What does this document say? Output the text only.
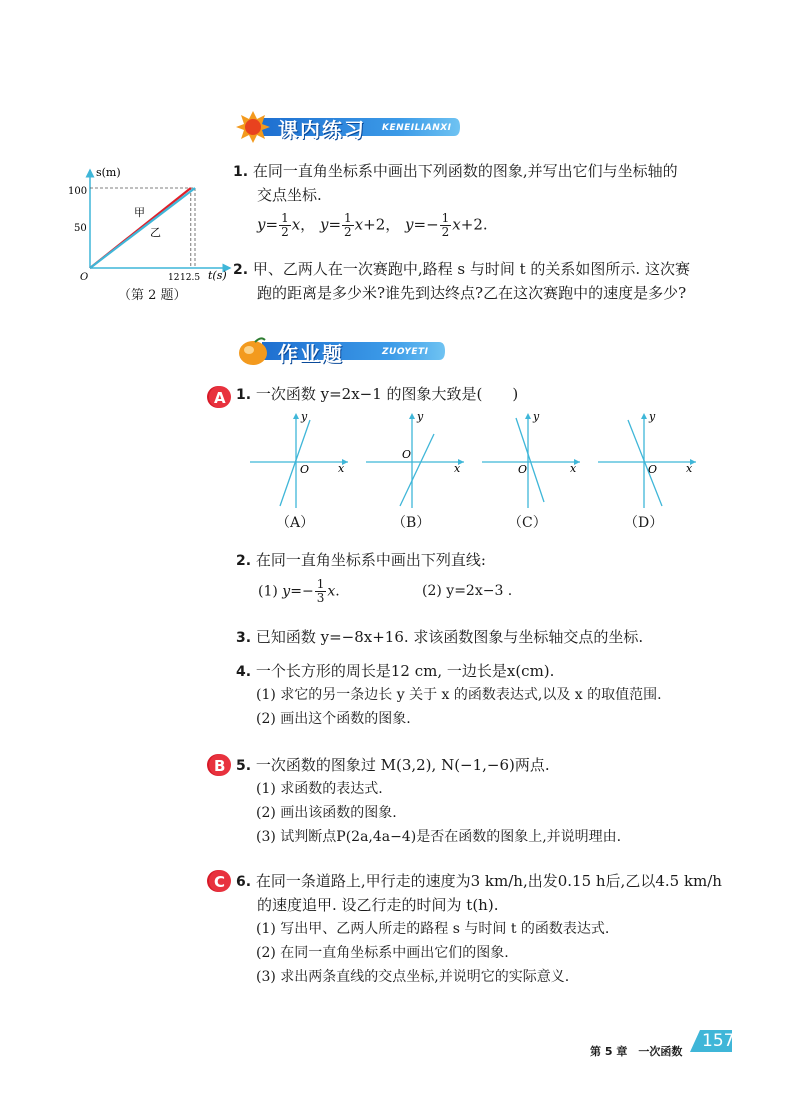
课内练习 KENEILIANXI
s(m)
t(s)
100
50
O	12 12.5
甲
乙
（第 2 题）
1. 在同一直角坐标系中画出下列函数的图象,并写出它们与坐标轴的
交点坐标.
$y= \frac{1}{2}$ x， $y= \frac{1}{2} x+2$， $y=- \frac{1}{2} x+2$.
2. 甲、乙两人在一次赛跑中,路程 s 与时间 t 的关系如图所示. 这次赛
跑的距离是多少米?谁先到达终点?乙在这次赛跑中的速度是多少?
作业题	ZUOYETI
A
B
C
1. 一次函数 y=2x−1 的图象大致是(　　)
y
x
O
y
x
O
y
x
O
y
x
O
（A）	（B）	（C）	（D）
2. 在同一直角坐标系中画出下列直线:
(1) $y=- \frac{1}{3} x$.	(2) y=2x−3 .
3. 已知函数 y=−8x+16. 求该函数图象与坐标轴交点的坐标.
4. 一个长方形的周长是12 cm, 一边长是x(cm).
(1) 求它的另一条边长 y 关于 x 的函数表达式,以及 x 的取值范围.
(2) 画出这个函数的图象.
5. 一次函数的图象过 M(3,2), N(−1,−6)两点.
(1) 求函数的表达式.
(2) 画出该函数的图象.
(3) 试判断点P(2a,4a−4)是否在函数的图象上,并说明理由.
6. 在同一条道路上,甲行走的速度为3 km/h,出发0.15 h后,乙以4.5 km/h
的速度追甲. 设乙行走的时间为 t(h).
(1) 写出甲、乙两人所走的路程 s 与时间 t 的函数表达式.
(2) 在同一直角坐标系中画出它们的图象.
(3) 求出两条直线的交点坐标,并说明它的实际意义.
第 5 章　一次函数
157
